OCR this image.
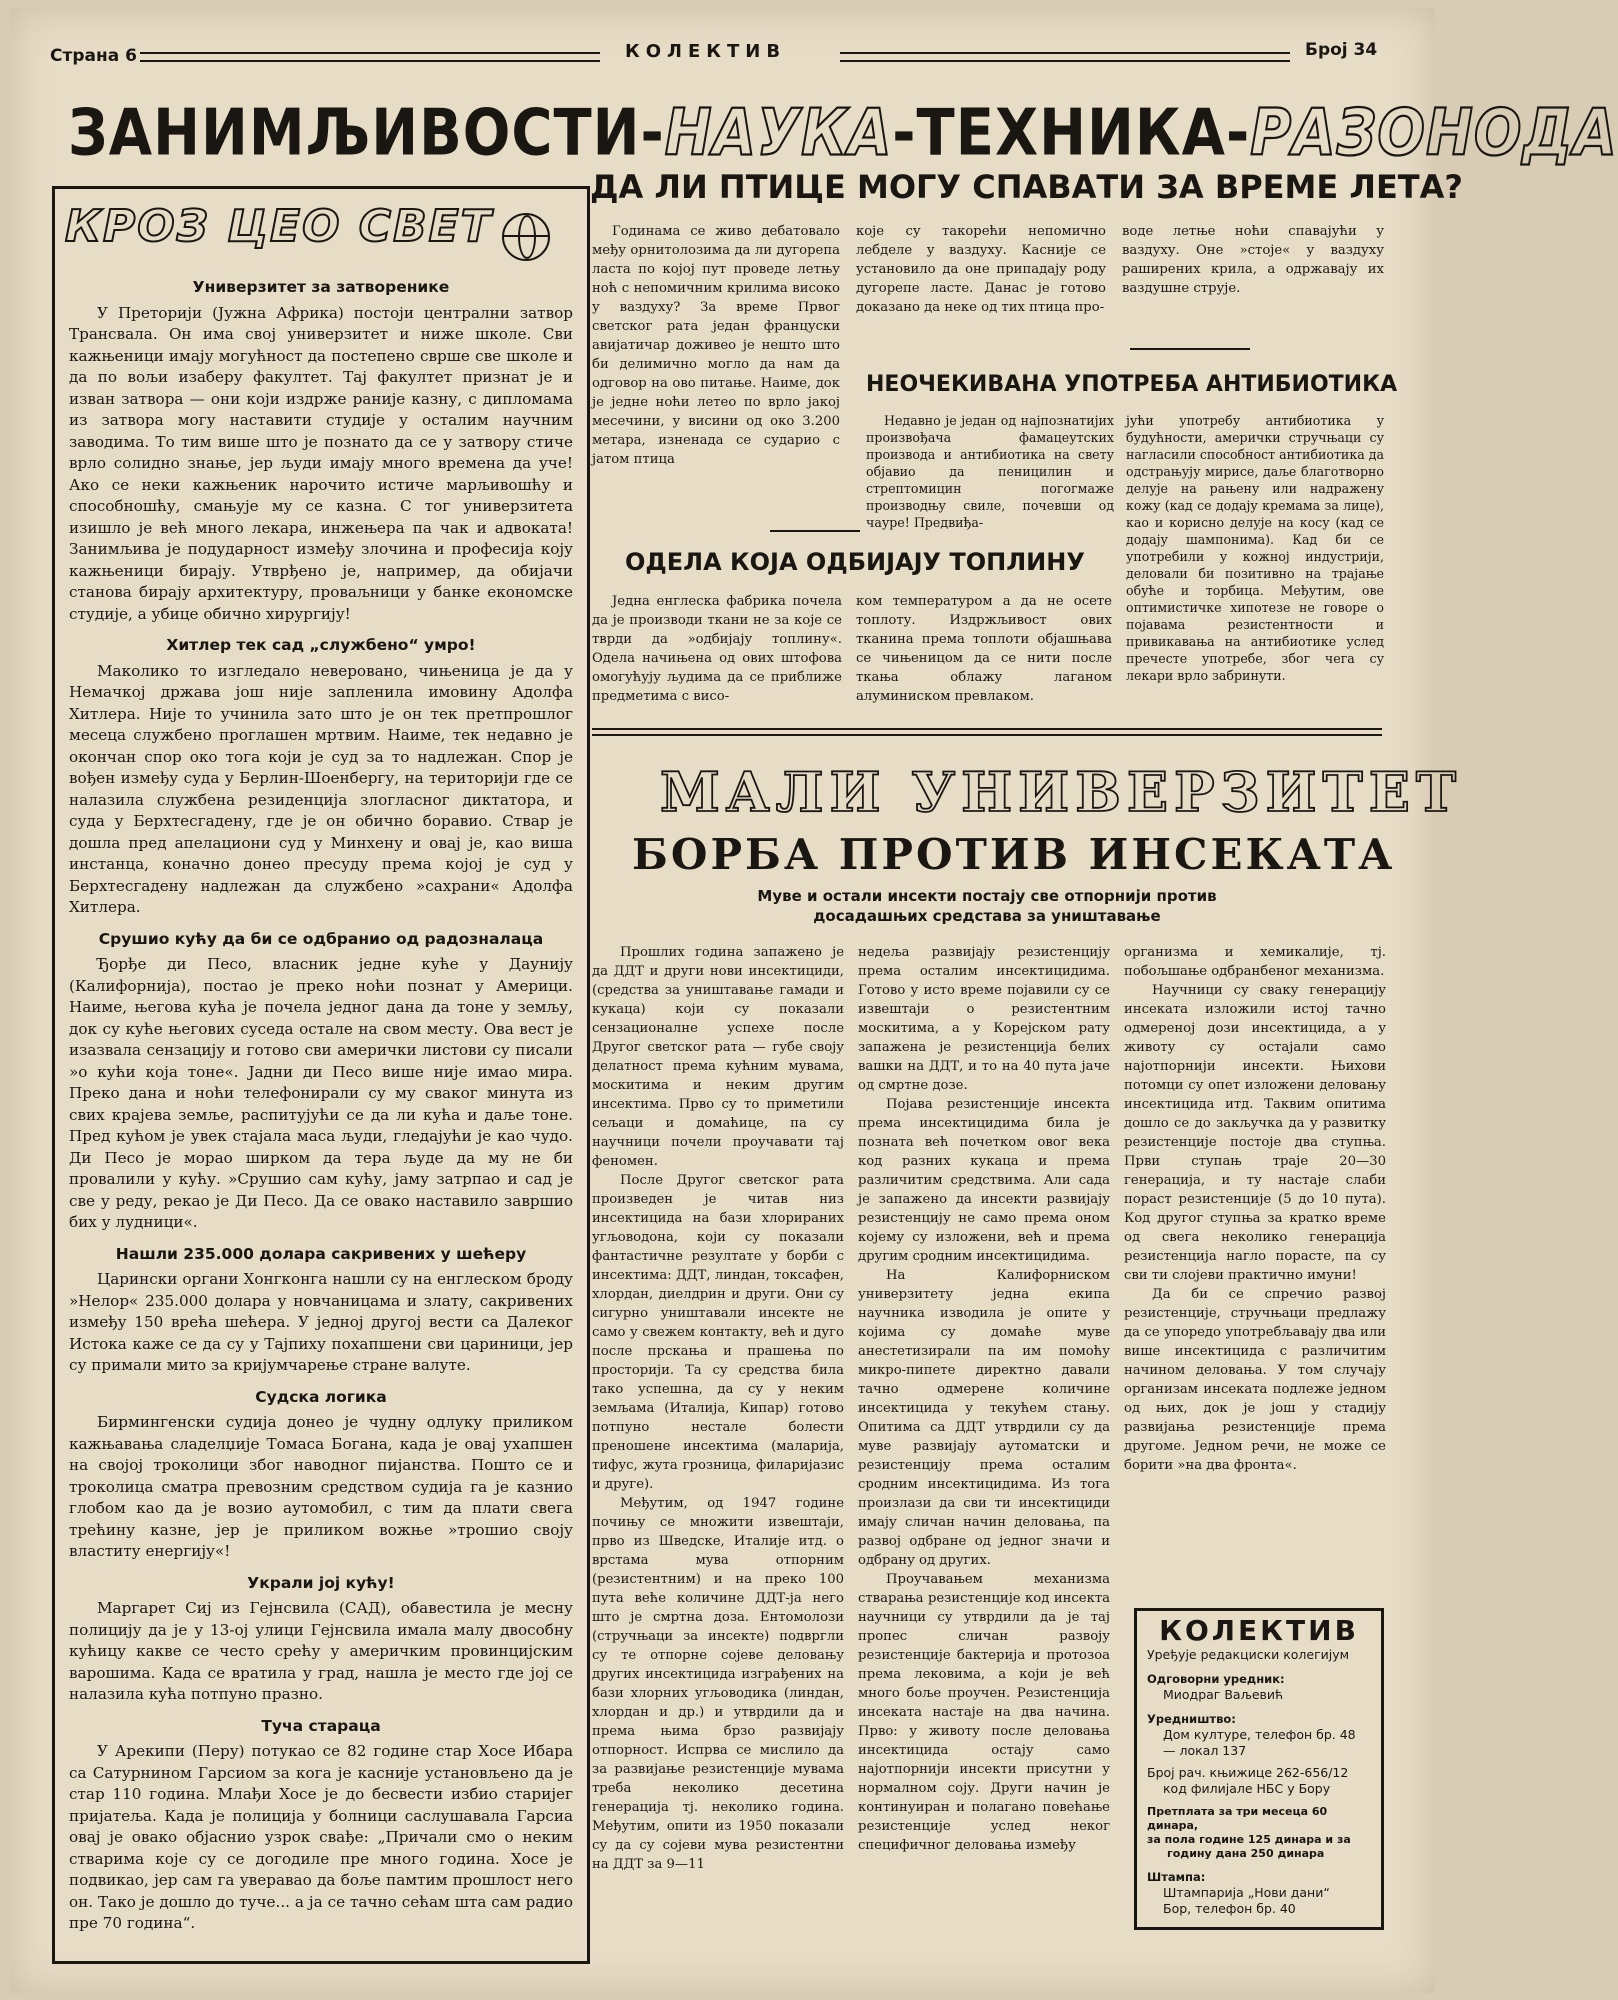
Страна 6	КОЛЕКТИВ	Број 34
ЗАНИМЉИВОСТИ-НАУКА-ТЕХНИКА-РАЗОНОДА
КРОЗ ЦЕО СВЕТ
Универзитет за затворенике

У Преторији (Јужна Африка) постоји централни затвор Трансвала. Он има свој универзитет и ниже школе. Сви кажњеници имају могућност да постепено сврше све школе и да по вољи изаберу факултет. Тај факултет признат је и изван затвора — они који издрже раније казну, с дипломама из затвора могу наставити студије у осталим научним заводима. То тим више што је познато да се у затвору стиче врло солидно знање, јер људи имају много времена да уче! Ако се неки кажњеник нарочито истиче марљивошћу и способношћу, смањује му се казна. С тог универзитета изишло је већ много лекара, инжењера па чак и адвоката! Занимљива је подударност између злочина и професија коју кажњеници бирају. Утврђено је, например, да обијачи станова бирају архитектуру, проваљници у банке економске студије, а убице обично хирургију!

Хитлер тек сад „службено“ умро!

Маколико то изгледало неверовано, чињеница је да у Немачкој држава још није запленила имовину Адолфа Хитлера. Није то учинила зато што је он тек претпрошлог месеца службено проглашен мртвим. Наиме, тек недавно је окончан спор око тога који је суд за то надлежан. Спор је вођен између суда у Берлин-Шоенбергу, на територији где се налазила службена резиденција злогласног диктатора, и суда у Берхтесгадену, где је он обично боравио. Ствар је дошла пред апелациони суд у Минхену и овај је, као виша инстанца, коначно донео пресуду према којој је суд у Берхтесгадену надлежан да службено »сахрани« Адолфа Хитлера.

Срушио кућу да би се одбранио од радозналаца

Ђорђе ди Песо, власник једне куће у Даунију (Калифорнија), постао је преко ноћи познат у Америци. Наиме, његова кућа је почела једног дана да тоне у земљу, док су куће његових суседа остале на свом месту. Ова вест је изазвала сензацију и готово сви амерички листови су писали »о кући која тоне«. Јадни ди Песо више није имао мира. Преко дана и ноћи телефонирали су му сваког минута из свих крајева земље, распитујући се да ли кућа и даље тоне. Пред кућом је увек стајала маса људи, гледајући је као чудо. Ди Песо је морао ширком да тера људе да му не би провалили у кућу. »Срушио сам кућу, јаму затрпао и сад је све у реду, рекао је Ди Песо. Да се овако наставило завршио бих у лудници«.

Нашли 235.000 долара сакривених у шећеру

Царински органи Хонгконга нашли су на енглеском броду »Нелор« 235.000 долара у новчаницама и злату, сакривених између 150 врећа шећера. У једној другој вести са Далеког Истока каже се да су у Тајпиху похапшени сви цариници, јер су примали мито за кријумчарење стране валуте.

Судска логика

Бирмингенски судија донео је чудну одлуку приликом кажњавања сладелџије Томаса Богана, када је овај ухапшен на својој троколици због наводног пијанства. Пошто се и троколица сматра превозним средством судија га је казнио глобом као да је возио аутомобил, с тим да плати свега трећину казне, јер је приликом вожње »трошио своју властиту енергију«!

Украли јој кућу!

Маргарет Сиј из Гејнсвила (САД), обавестила је месну полицију да је у 13-ој улици Гејнсвила имала малу двособну кућицу какве се често срећу у америчким провинцијским варошима. Када се вратила у град, нашла је место где јој се налазила кућа потпуно празно.

Туча стараца

У Арекипи (Перу) потукао се 82 године стар Хосе Ибара са Сатурнином Гарсиом за кога је касније установљено да је стар 110 година. Млађи Хосе је до бесвести избио старијег пријатеља. Када је полиција у болници саслушавала Гарсиа овај је овако објаснио узрок свађе: „Причали смо о неким стварима које су се догодиле пре много година. Хосе је подвикао, јер сам га уверавао да боље памтим прошлост него он. Тако је дошло до туче... а ја се тачно сећам шта сам радио пре 70 година“.

ДА ЛИ ПТИЦЕ МОГУ СПАВАТИ ЗА ВРЕМЕ ЛЕТА?

Годинама се живо дебатовало међу орнитолозима да ли дугорепа ласта по којој пут проведе летњу ноћ с непомичним крилима високо у ваздуху? За време Првог светског рата један француски авијатичар доживео је нешто што би делимично могло да нам да одговор на ово питање. Наиме, док је једне ноћи летео по врло јакој месечини, у висини од око 3.200 метара, изненада се сударио с јатом птица

које су такорећи непомично лебделе у ваздуху. Касније се установило да оне припадају роду дугорепе ласте. Данас је готово доказано да неке од тих птица про-

воде летње ноћи спавајући у ваздуху. Оне »стоје« у ваздуху раширених крила, а одржавају их ваздушне струје.

НЕОЧЕКИВАНА УПОТРЕБА АНТИБИОТИКА

Недавно је један од најпознатијих произвођача фамацеутских производа и антибиотика на свету објавио да пеницилин и стрептомицин погогмаже производњу свиле, почевши од чауре! Предвиђа-

јући употребу антибиотика у будућности, амерички стручњаци су нагласили способност антибиотика да одстрањују мирисе, даље благотворно делује на рањену или надражену кожу (кад се додају кремама за лице), као и корисно делује на косу (кад се додају шампонима). Кад би се употребили у кожној индустрији, деловали би позитивно на трајање обуће и торбица. Међутим, ове оптимистичке хипотезе не говоре о појавама резистентности и привикавања на антибиотике услед пречесте употребе, због чега су лекари врло забринути.

ОДЕЛА КОЈА ОДБИЈАЈУ ТОПЛИНУ

Једна енглеска фабрика почела да је производи ткани не за које се тврди да »одбијају топлину«. Одела начињена од ових штофова омогућују људима да се приближе предметима с висо-

ком температуром а да не осете топлоту. Издржљивост ових тканина према топлоти објашњава се чињеницом да се нити после ткања облажу лаганом алуминиском превлаком.

МАЛИ УНИВЕРЗИТЕТ
БОРБА ПРОТИВ ИНСЕКАТА
Муве и остали инсекти постају све отпорнији против
досадашњих средстава за уништавање

Прошлих година запажено је да ДДТ и други нови инсектициди, (средства за уништавање гамади и кукаца) који су показали сензационалне успехе после Другог светског рата — губе своју делатност према кућним мувама, москитима и неким другим инсектима. Прво су то приметили сељаци и домаћице, па су научници почели проучавати тај феномен.

После Другог светског рата произведен је читав низ инсектицида на бази хлорираних угљоводона, који су показали фантастичне резултате у борби с инсектима: ДДТ, линдан, токсафен, хлордан, диелдрин и други. Они су сигурно уништавали инсекте не само у свежем контакту, већ и дуго после прскања и прашења по просторији. Та су средства била тако успешна, да су у неким земљама (Италија, Кипар) готово потпуно нестале болести преношене инсектима (маларија, тифус, жута грозница, филаријазис и друге).

Међутим, од 1947 године почињу се множити извештаји, прво из Шведске, Италије итд. о врстама мува отпорним (резистентним) и на преко 100 пута веће количине ДДТ-ја него што је смртна доза. Ентомолози (стручњаци за инсекте) подвргли су те отпорне сојеве деловању других инсектицида изграђених на бази хлорних угљоводика (линдан, хлордан и др.) и утврдили да и према њима брзо развијају отпорност. Испрва се мислило да за развијање резистенције мувама треба неколико десетина генерација тј. неколико година. Међутим, опити из 1950 показали су да су сојеви мува резистентни на ДДТ за 9—11

недеља развијају резистенцију према осталим инсектицидима. Готово у исто време појавили су се извештаји о резистентним москитима, а у Корејском рату запажена је резистенција белих вашки на ДДТ, и то на 40 пута јаче од смртне дозе.

Појава резистенције инсекта према инсектицидима била је позната већ почетком овог века код разних кукаца и према различитим средствима. Али сада је запажено да инсекти развијају резистенцију не само према оном којему су изложени, већ и према другим сродним инсектицидима.

На Калифорниском универзитету једна екипа научника изводила је опите у којима су домаће муве анестетизирали па им помоћу микро-пипете директно давали тачно одмерене количине инсектицида у текућем стању. Опитима са ДДТ утврдили су да муве развијају аутоматски и резистенцију према осталим сродним инсектицидима. Из тога произлази да сви ти инсектициди имају сличан начин деловања, па развој одбране од једног значи и одбрану од других.

Проучавањем механизма стварања резистенције код инсекта научници су утврдили да је тај пропес сличан развоју резистенције бактерија и протозоа према лековима, а који је већ много боље проучен. Резистенција инсеката настаје на два начина. Прво: у животу после деловања инсектицида остају само најотпорнији инсекти присутни у нормалном соју. Други начин је континуиран и полагано повећање резистенције услед неког специфичног деловања између

организма и хемикалије, тј. побољшање одбранбеног механизма.

Научници су сваку генерацију инсеката изложили истој тачно одмереној дози инсектицида, а у животу су остајали само најотпорнији инсекти. Њихови потомци су опет изложени деловању инсектицида итд. Таквим опитима дошло се до закључка да у развитку резистенције постоје два ступња. Први ступањ траје 20—30 генерација, и ту настаје слаби пораст резистенције (5 до 10 пута). Код другог ступња за кратко време од свега неколико генерација резистенција нагло порасте, па су сви ти слојеви практично имуни!

Да би се спречио развој резистенције, стручњаци предлажу да се упоредо употребљавају два или више инсектицида с различитим начином деловања. У том случају организам инсеката подлеже једном од њих, док је још у стадију развијања резистенције према другоме. Једном речи, не може се борити »на два фронта«.

КОЛЕКТИВ
Уређује редакциски колегијум
Одговорни уредник:
Миодраг Ваљевић
Уредништво:
Дом културе, телефон бр. 48
— локал 137
Број рач. књижице 262-656/12
код филијале НБС у Бору
Претплата за три месеца 60 динара,
за пола године 125 динара и за
годину дана 250 динара
Штампа:
Штампарија „Нови дани“
Бор, телефон бр. 40
